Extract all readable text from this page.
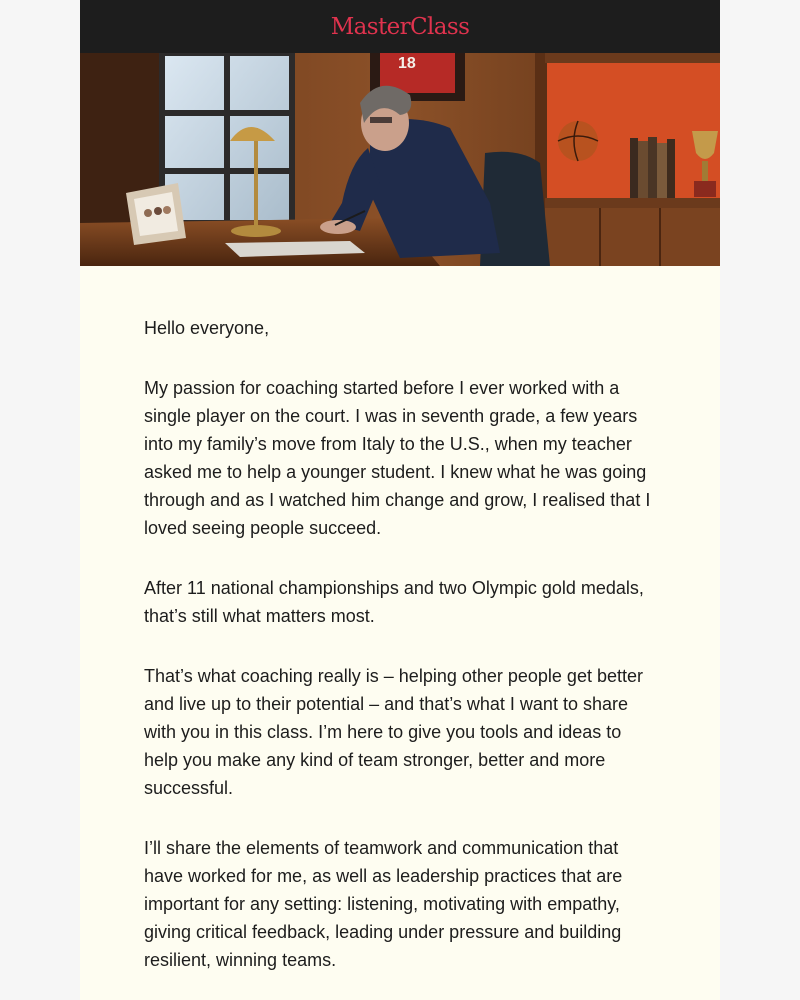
MasterClass
18

Hello everyone,

My passion for coaching started before I ever worked with a single player on the court. I was in seventh grade, a few years into my family’s move from Italy to the U.S., when my teacher asked me to help a younger student. I knew what he was going through and as I watched him change and grow, I realised that I loved seeing people succeed.

After 11 national championships and two Olympic gold medals, that’s still what matters most.

That’s what coaching really is – helping other people get better and live up to their potential – and that’s what I want to share with you in this class. I’m here to give you tools and ideas to help you make any kind of team stronger, better and more successful.

I’ll share the elements of teamwork and communication that have worked for me, as well as leadership practices that are important for any setting: listening, motivating with empathy, giving critical feedback, leading under pressure and building resilient, winning teams.
